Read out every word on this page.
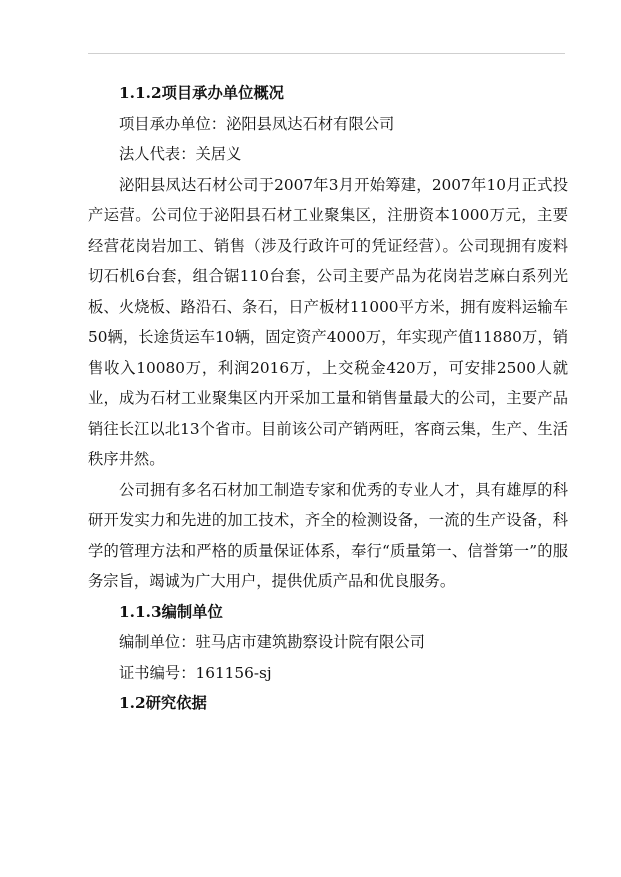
1.1.2项目承办单位概况

项目承办单位：泌阳县凤达石材有限公司

法人代表：关居义

泌阳县凤达石材公司于2007年3月开始筹建，2007年10月正式投产运营。公司位于泌阳县石材工业聚集区，注册资本1000万元，主要经营花岗岩加工、销售（涉及行政许可的凭证经营）。公司现拥有废料切石机6台套，组合锯110台套，公司主要产品为花岗岩芝麻白系列光板、火烧板、路沿石、条石，日产板材11000平方米，拥有废料运输车50辆，长途货运车10辆，固定资产4000万，年实现产值11880万，销售收入10080万，利润2016万，上交税金420万，可安排2500人就业，成为石材工业聚集区内开采加工量和销售量最大的公司，主要产品销往长江以北13个省市。目前该公司产销两旺，客商云集，生产、生活秩序井然。

公司拥有多名石材加工制造专家和优秀的专业人才，具有雄厚的科研开发实力和先进的加工技术，齐全的检测设备，一流的生产设备，科学的管理方法和严格的质量保证体系，奉行“质量第一、信誉第一”的服务宗旨，竭诚为广大用户，提供优质产品和优良服务。

1.1.3编制单位

编制单位：驻马店市建筑勘察设计院有限公司

证书编号：161156-sj

1.2研究依据
